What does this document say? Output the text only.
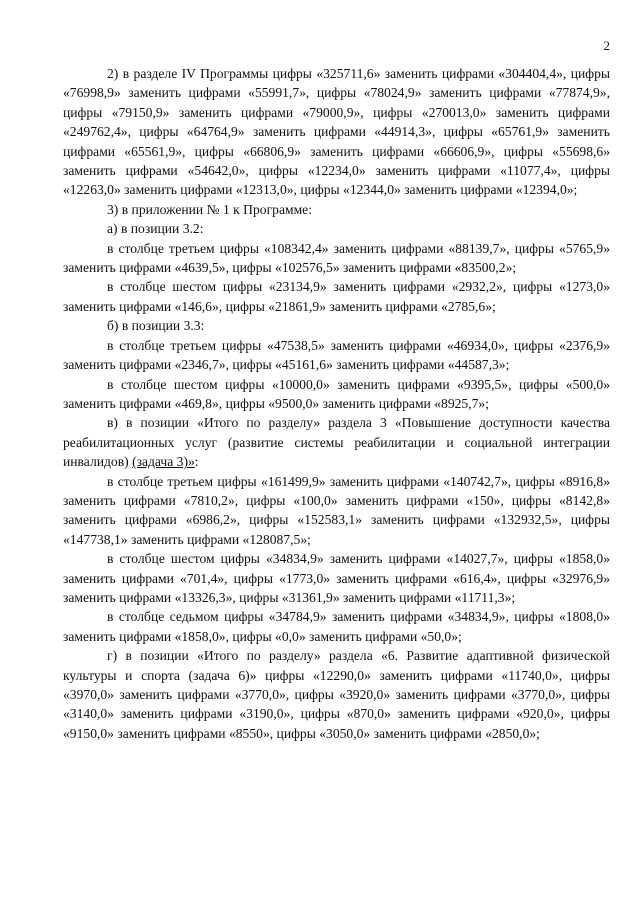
2

2) в разделе IV Программы цифры «325711,6» заменить цифрами «304404,4», цифры «76998,9» заменить цифрами «55991,7», цифры «78024,9» заменить цифрами «77874,9», цифры «79150,9» заменить цифрами «79000,9», цифры «270013,0» заменить цифрами «249762,4», цифры «64764,9» заменить цифрами «44914,3», цифры «65761,9» заменить цифрами «65561,9», цифры «66806,9» заменить цифрами «66606,9», цифры «55698,6» заменить цифрами «54642,0», цифры «12234,0» заменить цифрами «11077,4», цифры «12263,0» заменить цифрами «12313,0», цифры «12344,0» заменить цифрами «12394,0»;

3) в приложении № 1 к Программе:

а) в позиции 3.2:

в столбце третьем цифры «108342,4» заменить цифрами «88139,7», цифры «5765,9» заменить цифрами «4639,5», цифры «102576,5» заменить цифрами «83500,2»;

в столбце шестом цифры «23134,9» заменить цифрами «2932,2», цифры «1273,0» заменить цифрами «146,6», цифры «21861,9» заменить цифрами «2785,6»;

б) в позиции 3.3:

в столбце третьем цифры «47538,5» заменить цифрами «46934,0», цифры «2376,9» заменить цифрами «2346,7», цифры «45161,6» заменить цифрами «44587,3»;

в столбце шестом цифры «10000,0» заменить цифрами «9395,5», цифры «500,0» заменить цифрами «469,8», цифры «9500,0» заменить цифрами «8925,7»;

в) в позиции «Итого по разделу» раздела 3 «Повышение доступности качества реабилитационных услуг (развитие системы реабилитации и социальной интеграции инвалидов) (задача 3)»:

в столбце третьем цифры «161499,9» заменить цифрами «140742,7», цифры «8916,8» заменить цифрами «7810,2», цифры «100,0» заменить цифрами «150», цифры «8142,8» заменить цифрами «6986,2», цифры «152583,1» заменить цифрами «132932,5», цифры «147738,1» заменить цифрами «128087,5»;

в столбце шестом цифры «34834,9» заменить цифрами «14027,7», цифры «1858,0» заменить цифрами «701,4», цифры «1773,0» заменить цифрами «616,4», цифры «32976,9» заменить цифрами «13326,3», цифры «31361,9» заменить цифрами «11711,3»;

в столбце седьмом цифры «34784,9» заменить цифрами «34834,9», цифры «1808,0» заменить цифрами «1858,0», цифры «0,0» заменить цифрами «50,0»;

г) в позиции «Итого по разделу» раздела «6. Развитие адаптивной физической культуры и спорта (задача 6)» цифры «12290,0» заменить цифрами «11740,0», цифры «3970,0» заменить цифрами «3770,0», цифры «3920,0» заменить цифрами «3770,0», цифры «3140,0» заменить цифрами «3190,0», цифры «870,0» заменить цифрами «920,0», цифры «9150,0» заменить цифрами «8550», цифры «3050,0» заменить цифрами «2850,0»;
